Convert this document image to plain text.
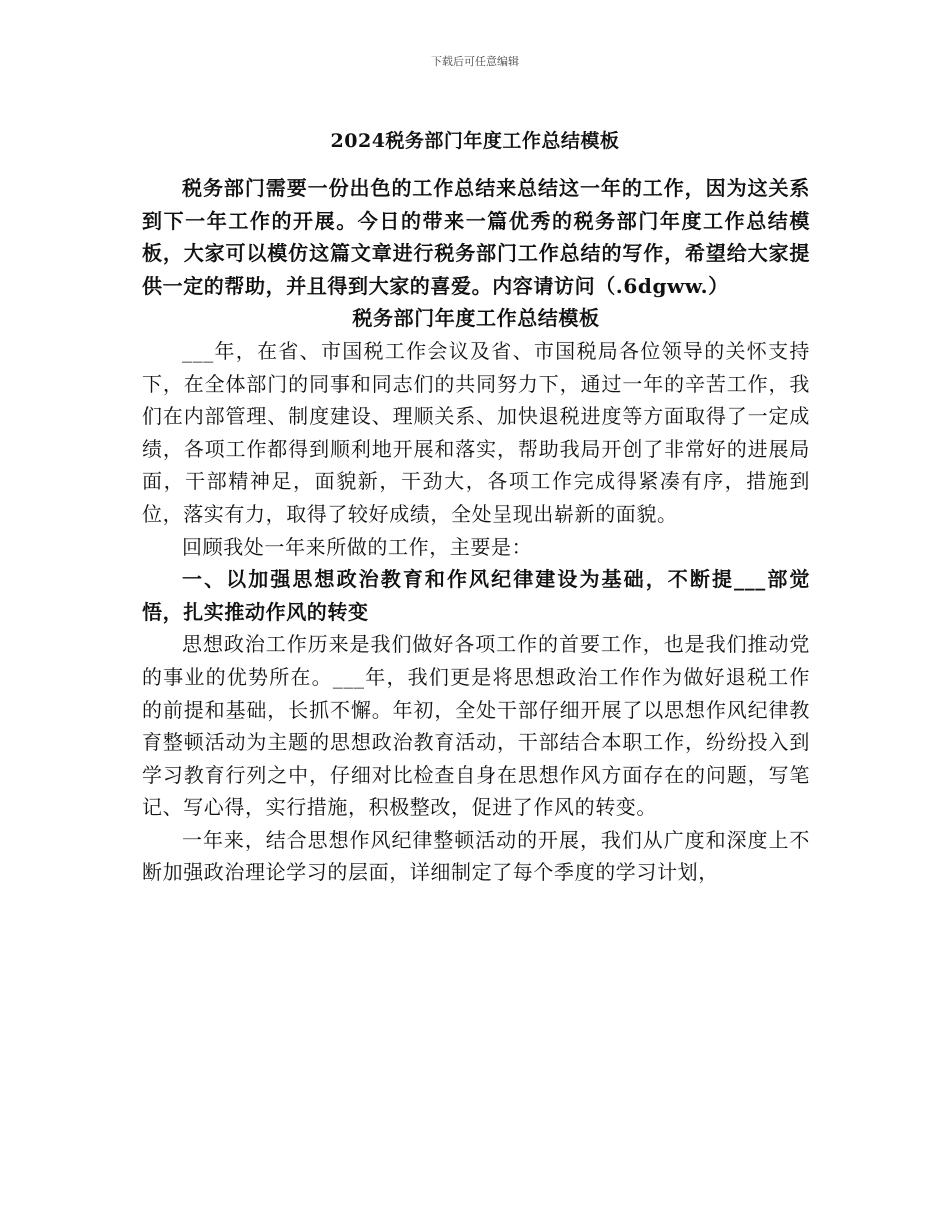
下载后可任意编辑
2024税务部门年度工作总结模板

税务部门需要一份出色的工作总结来总结这一年的工作，因为这关系到下一年工作的开展。今日的带来一篇优秀的税务部门年度工作总结模板，大家可以模仿这篇文章进行税务部门工作总结的写作，希望给大家提供一定的帮助，并且得到大家的喜爱。内容请访问（.6dgww.）

税务部门年度工作总结模板

___年，在省、市国税工作会议及省、市国税局各位领导的关怀支持下，在全体部门的同事和同志们的共同努力下，通过一年的辛苦工作，我们在内部管理、制度建设、理顺关系、加快退税进度等方面取得了一定成绩，各项工作都得到顺利地开展和落实，帮助我局开创了非常好的进展局面，干部精神足，面貌新，干劲大，各项工作完成得紧凑有序，措施到位，落实有力，取得了较好成绩，全处呈现出崭新的面貌。

回顾我处一年来所做的工作，主要是：

一、以加强思想政治教育和作风纪律建设为基础，不断提___部觉悟，扎实推动作风的转变

思想政治工作历来是我们做好各项工作的首要工作，也是我们推动党的事业的优势所在。___年，我们更是将思想政治工作作为做好退税工作的前提和基础，长抓不懈。年初，全处干部仔细开展了以思想作风纪律教育整顿活动为主题的思想政治教育活动，干部结合本职工作，纷纷投入到学习教育行列之中，仔细对比检查自身在思想作风方面存在的问题，写笔记、写心得，实行措施，积极整改，促进了作风的转变。

一年来，结合思想作风纪律整顿活动的开展，我们从广度和深度上不断加强政治理论学习的层面，详细制定了每个季度的学习计划，
